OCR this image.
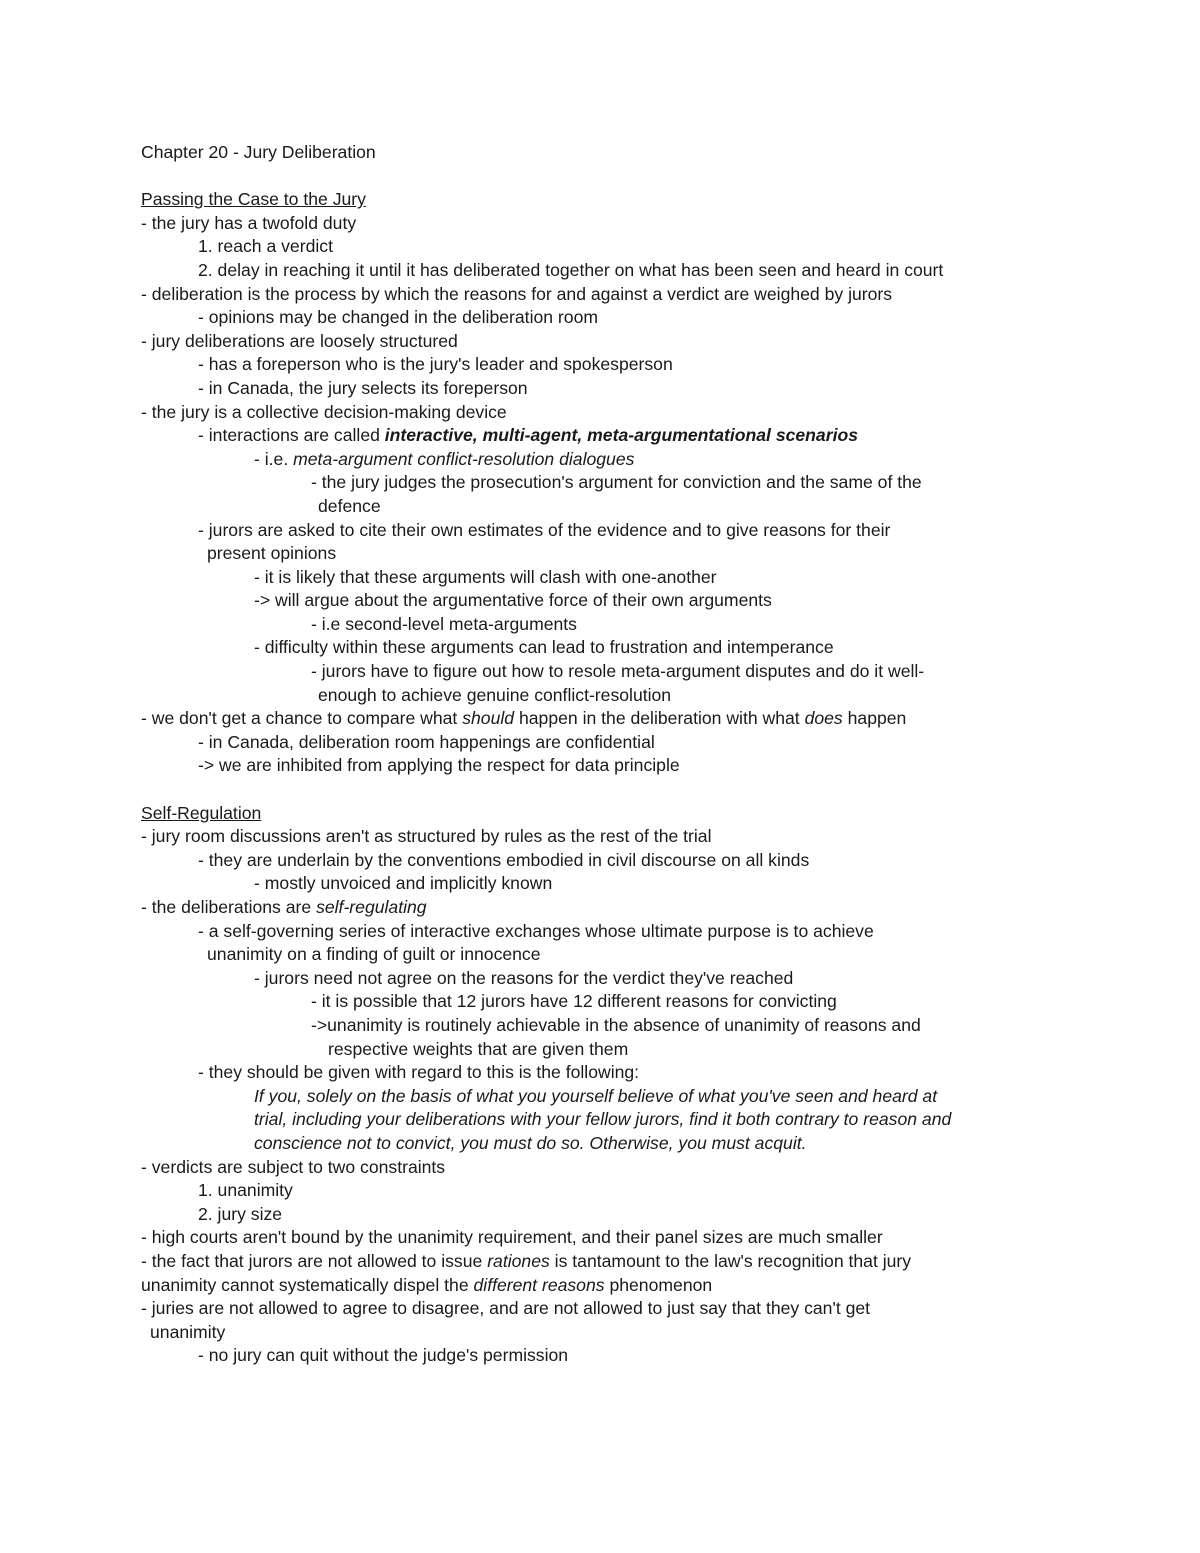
Chapter 20 - Jury Deliberation
Passing the Case to the Jury
- the jury has a twofold duty
1. reach a verdict
2. delay in reaching it until it has deliberated together on what has been seen and heard in court
- deliberation is the process by which the reasons for and against a verdict are weighed by jurors
- opinions may be changed in the deliberation room
- jury deliberations are loosely structured
- has a foreperson who is the jury's leader and spokesperson
- in Canada, the jury selects its foreperson
- the jury is a collective decision-making device
- interactions are called interactive, multi-agent, meta-argumentational scenarios
- i.e. meta-argument conflict-resolution dialogues
- the jury judges the prosecution's argument for conviction and the same of the
defence
- jurors are asked to cite their own estimates of the evidence and to give reasons for their
present opinions
- it is likely that these arguments will clash with one-another
-> will argue about the argumentative force of their own arguments
- i.e second-level meta-arguments
- difficulty within these arguments can lead to frustration and intemperance
- jurors have to figure out how to resole meta-argument disputes and do it well-
enough to achieve genuine conflict-resolution
- we don't get a chance to compare what should happen in the deliberation with what does happen
- in Canada, deliberation room happenings are confidential
-> we are inhibited from applying the respect for data principle
Self-Regulation
- jury room discussions aren't as structured by rules as the rest of the trial
- they are underlain by the conventions embodied in civil discourse on all kinds
- mostly unvoiced and implicitly known
- the deliberations are self-regulating
- a self-governing series of interactive exchanges whose ultimate purpose is to achieve
unanimity on a finding of guilt or innocence
- jurors need not agree on the reasons for the verdict they've reached
- it is possible that 12 jurors have 12 different reasons for convicting
->unanimity is routinely achievable in the absence of unanimity of reasons and
respective weights that are given them
- they should be given with regard to this is the following:
If you, solely on the basis of what you yourself believe of what you've seen and heard at
trial, including your deliberations with your fellow jurors, find it both contrary to reason and
conscience not to convict, you must do so. Otherwise, you must acquit.
- verdicts are subject to two constraints
1. unanimity
2. jury size
- high courts aren't bound by the unanimity requirement, and their panel sizes are much smaller
- the fact that jurors are not allowed to issue rationes is tantamount to the law's recognition that jury
unanimity cannot systematically dispel the different reasons phenomenon
- juries are not allowed to agree to disagree, and are not allowed to just say that they can't get
unanimity
- no jury can quit without the judge's permission
